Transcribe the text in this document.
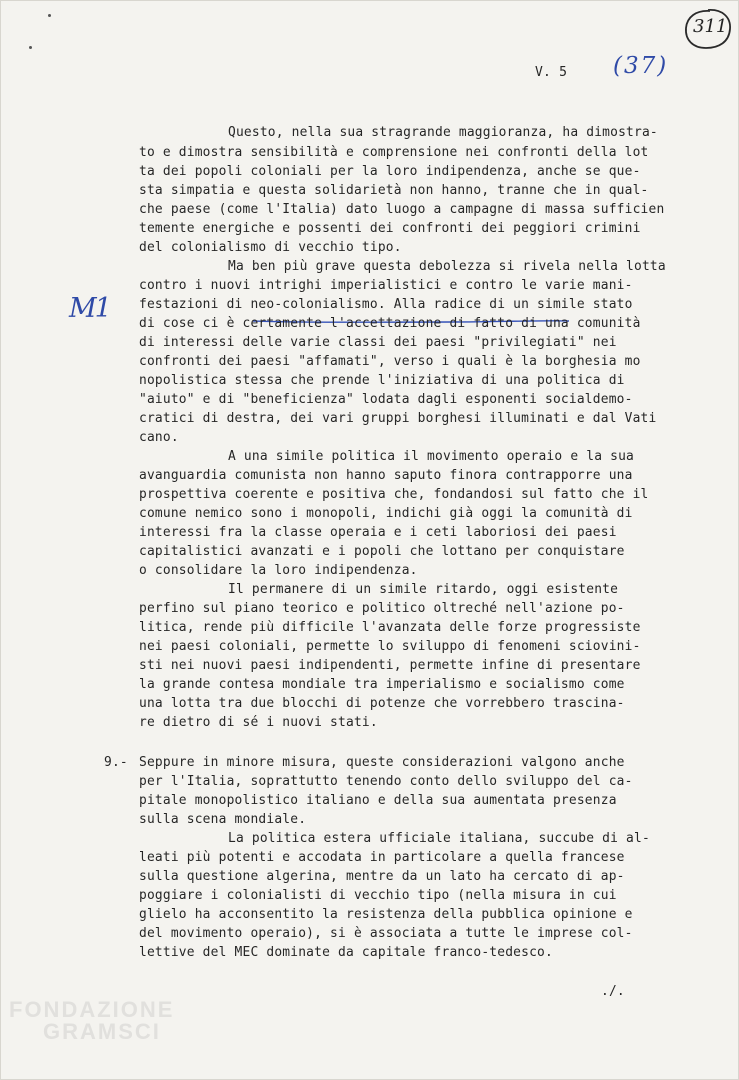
311
V. 5 (37)
M1
Questo, nella sua stragrande maggioranza, ha dimostra-
to e dimostra sensibilità e comprensione nei confronti della lot
ta dei popoli coloniali per la loro indipendenza, anche se que-
sta simpatia e questa solidarietà non hanno, tranne che in qual-
che paese (come l'Italia) dato luogo a campagne di massa sufficien
temente energiche e possenti dei confronti dei peggiori crimini
del colonialismo di vecchio tipo.
Ma ben più grave questa debolezza si rivela nella lotta
contro i nuovi intrighi imperialistici e contro le varie mani-
festazioni di neo-colonialismo. Alla radice di un simile stato
di cose ci è certamente l'accettazione di fatto di una comunità
di interessi delle varie classi dei paesi "privilegiati" nei
confronti dei paesi "affamati", verso i quali è la borghesia mo
nopolistica stessa che prende l'iniziativa di una politica di
"aiuto" e di "beneficienza" lodata dagli esponenti socialdemo-
cratici di destra, dei vari gruppi borghesi illuminati e dal Vati
cano.
A una simile politica il movimento operaio e la sua
avanguardia comunista non hanno saputo finora contrapporre una
prospettiva coerente e positiva che, fondandosi sul fatto che il
comune nemico sono i monopoli, indichi già oggi la comunità di
interessi fra la classe operaia e i ceti laboriosi dei paesi
capitalistici avanzati e i popoli che lottano per conquistare
o consolidare la loro indipendenza.
Il permanere di un simile ritardo, oggi esistente
perfino sul piano teorico e politico oltreché nell'azione po-
litica, rende più difficile l'avanzata delle forze progressiste
nei paesi coloniali, permette lo sviluppo di fenomeni sciovini-
sti nei nuovi paesi indipendenti, permette infine di presentare
la grande contesa mondiale tra imperialismo e socialismo come
una lotta tra due blocchi di potenze che vorrebbero trascina-
re dietro di sé i nuovi stati.
9.- Seppure in minore misura, queste considerazioni valgono anche
per l'Italia, soprattutto tenendo conto dello sviluppo del ca-
pitale monopolistico italiano e della sua aumentata presenza
sulla scena mondiale.
La politica estera ufficiale italiana, succube di al-
leati più potenti e accodata in particolare a quella francese
sulla questione algerina, mentre da un lato ha cercato di ap-
poggiare i colonialisti di vecchio tipo (nella misura in cui
glielo ha acconsentito la resistenza della pubblica opinione e
del movimento operaio), si è associata a tutte le imprese col-
lettive del MEC dominate da capitale franco-tedesco.
./.
FONDAZIONE
GRAMSCI
